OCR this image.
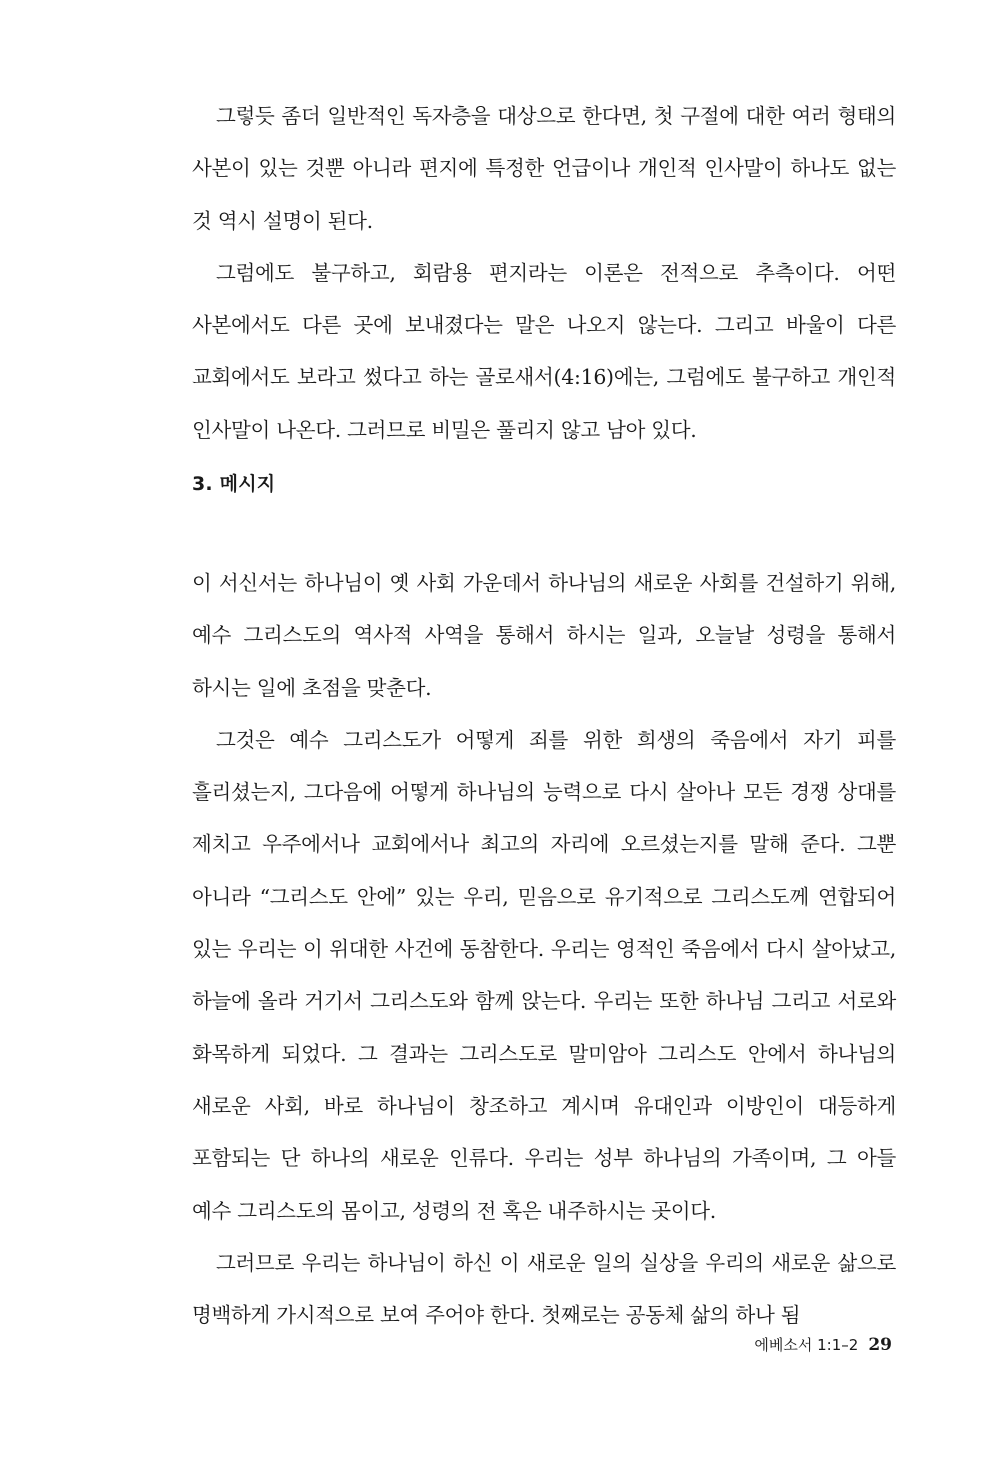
그렇듯 좀더 일반적인 독자층을 대상으로 한다면, 첫 구절에 대한 여러 형태의 사본이 있는 것뿐 아니라 편지에 특정한 언급이나 개인적 인사말이 하나도 없는 것 역시 설명이 된다.

그럼에도 불구하고, 회람용 편지라는 이론은 전적으로 추측이다. 어떤 사본에서도 다른 곳에 보내졌다는 말은 나오지 않는다. 그리고 바울이 다른 교회에서도 보라고 썼다고 하는 골로새서(4:16)에는, 그럼에도 불구하고 개인적 인사말이 나온다. 그러므로 비밀은 풀리지 않고 남아 있다.

3. 메시지

이 서신서는 하나님이 옛 사회 가운데서 하나님의 새로운 사회를 건설하기 위해, 예수 그리스도의 역사적 사역을 통해서 하시는 일과, 오늘날 성령을 통해서 하시는 일에 초점을 맞춘다.

그것은 예수 그리스도가 어떻게 죄를 위한 희생의 죽음에서 자기 피를 흘리셨는지, 그다음에 어떻게 하나님의 능력으로 다시 살아나 모든 경쟁 상대를 제치고 우주에서나 교회에서나 최고의 자리에 오르셨는지를 말해 준다. 그뿐 아니라 “그리스도 안에” 있는 우리, 믿음으로 유기적으로 그리스도께 연합되어 있는 우리는 이 위대한 사건에 동참한다. 우리는 영적인 죽음에서 다시 살아났고, 하늘에 올라 거기서 그리스도와 함께 앉는다. 우리는 또한 하나님 그리고 서로와 화목하게 되었다. 그 결과는 그리스도로 말미암아 그리스도 안에서 하나님의 새로운 사회, 바로 하나님이 창조하고 계시며 유대인과 이방인이 대등하게 포함되는 단 하나의 새로운 인류다. 우리는 성부 하나님의 가족이며, 그 아들 예수 그리스도의 몸이고, 성령의 전 혹은 내주하시는 곳이다.

그러므로 우리는 하나님이 하신 이 새로운 일의 실상을 우리의 새로운 삶으로 명백하게 가시적으로 보여 주어야 한다. 첫째로는 공동체 삶의 하나 됨

에베소서 1:1–2 29
